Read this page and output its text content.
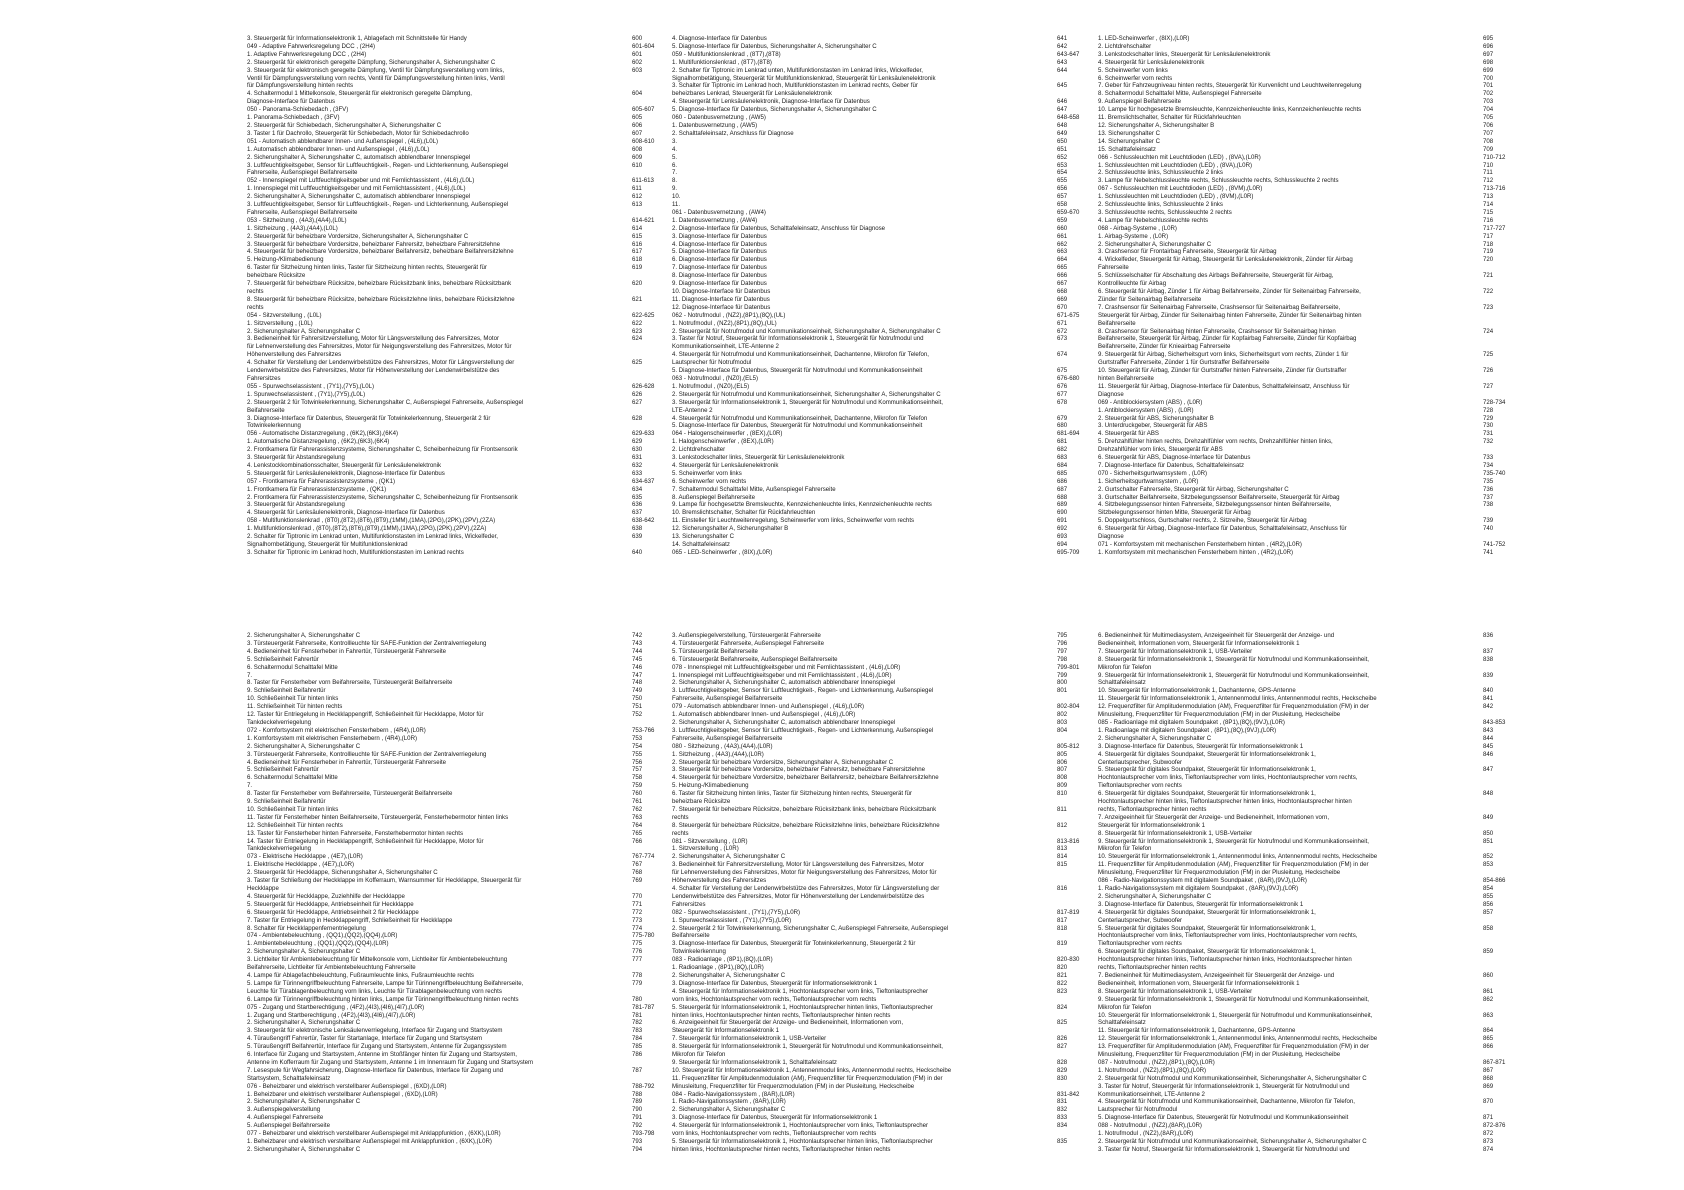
3. Steuergerät für Informationselektronik 1, Ablagefach mit Schnittstelle für Handy	600
049 - Adaptive Fahrwerksregelung DCC , (2H4)	601-604
1. Adaptive Fahrwerksregelung DCC , (2H4)	601
2. Steuergerät für elektronisch geregelte Dämpfung, Sicherungshalter A, Sicherungshalter C	602
3. Steuergerät für elektronisch geregelte Dämpfung, Ventil für Dämpfungsverstellung vorn links,	603
Ventil für Dämpfungsverstellung vorn rechts, Ventil für Dämpfungsverstellung hinten links, Ventil
für Dämpfungsverstellung hinten rechts
4. Schaltermodul 1 Mittelkonsole, Steuergerät für elektronisch geregelte Dämpfung,	604
Diagnose-Interface für Datenbus
050 - Panorama-Schiebedach , (3FV)	605-607
1. Panorama-Schiebedach , (3FV)	605
2. Steuergerät für Schiebedach, Sicherungshalter A, Sicherungshalter C	606
3. Taster 1 für Dachrollo, Steuergerät für Schiebedach, Motor für Schiebedachrollo	607
051 - Automatisch abblendbarer Innen- und Außenspiegel , (4L6),(L0L)	608-610
1. Automatisch abblendbarer Innen- und Außenspiegel , (4L6),(L0L)	608
2. Sicherungshalter A, Sicherungshalter C, automatisch abblendbarer Innenspiegel	609
3. Luftfeuchtigkeitsgeber, Sensor für Luftfeuchtigkeit-, Regen- und Lichterkennung, Außenspiegel	610
Fahrerseite, Außenspiegel Beifahrerseite
052 - Innenspiegel mit Luftfeuchtigkeitsgeber und mit Fernlichtassistent , (4L6),(L0L)	611-613
1. Innenspiegel mit Luftfeuchtigkeitsgeber und mit Fernlichtassistent , (4L6),(L0L)	611
2. Sicherungshalter A, Sicherungshalter C, automatisch abblendbarer Innenspiegel	612
3. Luftfeuchtigkeitsgeber, Sensor für Luftfeuchtigkeit-, Regen- und Lichterkennung, Außenspiegel	613
Fahrerseite, Außenspiegel Beifahrerseite
053 - Sitzheizung , (4A3),(4A4),(L0L)	614-621
1. Sitzheizung , (4A3),(4A4),(L0L)	614
2. Steuergerät für beheizbare Vordersitze, Sicherungshalter A, Sicherungshalter C	615
3. Steuergerät für beheizbare Vordersitze, beheizbarer Fahrersitz, beheizbare Fahrersitzlehne	616
4. Steuergerät für beheizbare Vordersitze, beheizbarer Beifahrersitz, beheizbare Beifahrersitzlehne	617
5. Heizung-/Klimabedienung	618
6. Taster für Sitzheizung hinten links, Taster für Sitzheizung hinten rechts, Steuergerät für	619
beheizbare Rücksitze
7. Steuergerät für beheizbare Rücksitze, beheizbare Rücksitzbank links, beheizbare Rücksitzbank	620
rechts
8. Steuergerät für beheizbare Rücksitze, beheizbare Rücksitzlehne links, beheizbare Rücksitzlehne	621
rechts
054 - Sitzverstellung , (L0L)	622-625
1. Sitzverstellung , (L0L)	622
2. Sicherungshalter A, Sicherungshalter C	623
3. Bedieneinheit für Fahrersitzverstellung, Motor für Längsverstellung des Fahrersitzes, Motor	624
für Lehnenverstellung des Fahrersitzes, Motor für Neigungsverstellung des Fahrersitzes, Motor für
Höhenverstellung des Fahrersitzes
4. Schalter für Verstellung der Lendenwirbelstütze des Fahrersitzes, Motor für Längsverstellung der	625
Lendenwirbelstütze des Fahrersitzes, Motor für Höhenverstellung der Lendenwirbelstütze des
Fahrersitzes
055 - Spurwechselassistent , (7Y1),(7Y5),(L0L)	626-628
1. Spurwechselassistent , (7Y1),(7Y5),(L0L)	626
2. Steuergerät 2 für Totwinkelerkennung, Sicherungshalter C, Außenspiegel Fahrerseite, Außenspiegel	627
Beifahrerseite
3. Diagnose-Interface für Datenbus, Steuergerät für Totwinkelerkennung, Steuergerät 2 für	628
Totwinkelerkennung
056 - Automatische Distanzregelung , (6K2),(6K3),(6K4)	629-633
1. Automatische Distanzregelung , (6K2),(6K3),(6K4)	629
2. Frontkamera für Fahrerassistenzsysteme, Sicherungshalter C, Scheibenheizung für Frontsensorik	630
3. Steuergerät für Abstandsregelung	631
4. Lenkstockkombinationsschalter, Steuergerät für Lenksäulenelektronik	632
5. Steuergerät für Lenksäulenelektronik, Diagnose-Interface für Datenbus	633
057 - Frontkamera für Fahrerassistenzsysteme , (QK1)	634-637
1. Frontkamera für Fahrerassistenzsysteme , (QK1)	634
2. Frontkamera für Fahrerassistenzsysteme, Sicherungshalter C, Scheibenheizung für Frontsensorik	635
3. Steuergerät für Abstandsregelung	636
4. Steuergerät für Lenksäulenelektronik, Diagnose-Interface für Datenbus	637
058 - Multifunktionslenkrad , (8T0),(8T2),(8T6),(8T9),(1MM),(1MA),(2PG),(2PK),(2PV),(2ZA)	638-642
1. Multifunktionslenkrad , (8T0),(8T2),(8T6),(8T9),(1MM),(1MA),(2PG),(2PK),(2PV),(2ZA)	638
2. Schalter für Tiptronic im Lenkrad unten, Multifunktionstasten im Lenkrad links, Wickelfeder,	639
Signalhornbetätigung, Steuergerät für Multifunktionslenkrad
3. Schalter für Tiptronic im Lenkrad hoch, Multifunktionstasten im Lenkrad rechts	640
4. Diagnose-Interface für Datenbus	641
5. Diagnose-Interface für Datenbus, Sicherungshalter A, Sicherungshalter C	642
059 - Multifunktionslenkrad , (8T7),(8T8)	643-647
1. Multifunktionslenkrad , (8T7),(8T8)	643
2. Schalter für Tiptronic im Lenkrad unten, Multifunktionstasten im Lenkrad links, Wickelfeder,	644
Signalhornbetätigung, Steuergerät für Multifunktionslenkrad, Steuergerät für Lenksäulenelektronik
3. Schalter für Tiptronic im Lenkrad hoch, Multifunktionstasten im Lenkrad rechts, Geber für	645
beheizbares Lenkrad, Steuergerät für Lenksäulenelektronik
4. Steuergerät für Lenksäulenelektronik, Diagnose-Interface für Datenbus	646
5. Diagnose-Interface für Datenbus, Sicherungshalter A, Sicherungshalter C	647
060 - Datenbusvernetzung , (AW5)	648-658
1. Datenbusvernetzung , (AW5)	648
2. Schalttafeleinsatz, Anschluss für Diagnose	649
3.	650
4.	651
5.	652
6.	653
7.	654
8.	655
9.	656
10.	657
11.	658
061 - Datenbusvernetzung , (AW4)	659-670
1. Datenbusvernetzung , (AW4)	659
2. Diagnose-Interface für Datenbus, Schalttafeleinsatz, Anschluss für Diagnose	660
3. Diagnose-Interface für Datenbus	661
4. Diagnose-Interface für Datenbus	662
5. Diagnose-Interface für Datenbus	663
6. Diagnose-Interface für Datenbus	664
7. Diagnose-Interface für Datenbus	665
8. Diagnose-Interface für Datenbus	666
9. Diagnose-Interface für Datenbus	667
10. Diagnose-Interface für Datenbus	668
11. Diagnose-Interface für Datenbus	669
12. Diagnose-Interface für Datenbus	670
062 - Notrufmodul , (NZ2),(8P1),(8Q),(UL)	671-675
1. Notrufmodul , (NZ2),(8P1),(8Q),(UL)	671
2. Steuergerät für Notrufmodul und Kommunikationseinheit, Sicherungshalter A, Sicherungshalter C	672
3. Taster für Notruf, Steuergerät für Informationselektronik 1, Steuergerät für Notrufmodul und	673
Kommunikationseinheit, LTE-Antenne 2
4. Steuergerät für Notrufmodul und Kommunikationseinheit, Dachantenne, Mikrofon für Telefon,	674
Lautsprecher für Notrufmodul
5. Diagnose-Interface für Datenbus, Steuergerät für Notrufmodul und Kommunikationseinheit	675
063 - Notrufmodul , (NZ0),(EL5)	676-680
1. Notrufmodul , (NZ0),(EL5)	676
2. Steuergerät für Notrufmodul und Kommunikationseinheit, Sicherungshalter A, Sicherungshalter C	677
3. Steuergerät für Informationselektronik 1, Steuergerät für Notrufmodul und Kommunikationseinheit,	678
LTE-Antenne 2
4. Steuergerät für Notrufmodul und Kommunikationseinheit, Dachantenne, Mikrofon für Telefon	679
5. Diagnose-Interface für Datenbus, Steuergerät für Notrufmodul und Kommunikationseinheit	680
064 - Halogenscheinwerfer , (8EX),(L0R)	681-694
1. Halogenscheinwerfer , (8EX),(L0R)	681
2. Lichtdrehschalter	682
3. Lenkstockschalter links, Steuergerät für Lenksäulenelektronik	683
4. Steuergerät für Lenksäulenelektronik	684
5. Scheinwerfer vorn links	685
6. Scheinwerfer vorn rechts	686
7. Schaltermodul Schalttafel Mitte, Außenspiegel Fahrerseite	687
8. Außenspiegel Beifahrerseite	688
9. Lampe für hochgesetzte Bremsleuchte, Kennzeichenleuchte links, Kennzeichenleuchte rechts	689
10. Bremslichtschalter, Schalter für Rückfahrleuchten	690
11. Einsteller für Leuchtweitenregelung, Scheinwerfer vorn links, Scheinwerfer vorn rechts	691
12. Sicherungshalter A, Sicherungshalter B	692
13. Sicherungshalter C	693
14. Schalttafeleinsatz	694
065 - LED-Scheinwerfer , (8IX),(L0R)	695-709
1. LED-Scheinwerfer , (8IX),(L0R)	695
2. Lichtdrehschalter	696
3. Lenkstockschalter links, Steuergerät für Lenksäulenelektronik	697
4. Steuergerät für Lenksäulenelektronik	698
5. Scheinwerfer vorn links	699
6. Scheinwerfer vorn rechts	700
7. Geber für Fahrzeugniveau hinten rechts, Steuergerät für Kurvenlicht und Leuchtweitenregelung	701
8. Schaltermodul Schalttafel Mitte, Außenspiegel Fahrerseite	702
9. Außenspiegel Beifahrerseite	703
10. Lampe für hochgesetzte Bremsleuchte, Kennzeichenleuchte links, Kennzeichenleuchte rechts	704
11. Bremslichtschalter, Schalter für Rückfahrleuchten	705
12. Sicherungshalter A, Sicherungshalter B	706
13. Sicherungshalter C	707
14. Sicherungshalter C	708
15. Schalttafeleinsatz	709
066 - Schlussleuchten mit Leuchtdioden (LED) , (8VA),(L0R)	710-712
1. Schlussleuchten mit Leuchtdioden (LED) , (8VA),(L0R)	710
2. Schlussleuchte links, Schlussleuchte 2 links	711
3. Lampe für Nebelschlussleuchte rechts, Schlussleuchte rechts, Schlussleuchte 2 rechts	712
067 - Schlussleuchten mit Leuchtdioden (LED) , (8VM),(L0R)	713-716
1. Schlussleuchten mit Leuchtdioden (LED) , (8VM),(L0R)	713
2. Schlussleuchte links, Schlussleuchte 2 links	714
3. Schlussleuchte rechts, Schlussleuchte 2 rechts	715
4. Lampe für Nebelschlussleuchte rechts	716
068 - Airbag-Systeme , (L0R)	717-727
1. Airbag-Systeme , (L0R)	717
2. Sicherungshalter A, Sicherungshalter C	718
3. Crashsensor für Frontairbag Fahrerseite, Steuergerät für Airbag	719
4. Wickelfeder, Steuergerät für Airbag, Steuergerät für Lenksäulenelektronik, Zünder für Airbag	720
Fahrerseite
5. Schlüsselschalter für Abschaltung des Airbags Beifahrerseite, Steuergerät für Airbag,	721
Kontrollleuchte für Airbag
6. Steuergerät für Airbag, Zünder 1 für Airbag Beifahrerseite, Zünder für Seitenairbag Fahrerseite,	722
Zünder für Seitenairbag Beifahrerseite
7. Crashsensor für Seitenairbag Fahrerseite, Crashsensor für Seitenairbag Beifahrerseite,	723
Steuergerät für Airbag, Zünder für Seitenairbag hinten Fahrerseite, Zünder für Seitenairbag hinten
Beifahrerseite
8. Crashsensor für Seitenairbag hinten Fahrerseite, Crashsensor für Seitenairbag hinten	724
Beifahrerseite, Steuergerät für Airbag, Zünder für Kopfairbag Fahrerseite, Zünder für Kopfairbag
Beifahrerseite, Zünder für Knieairbag Fahrerseite
9. Steuergerät für Airbag, Sicherheitsgurt vorn links, Sicherheitsgurt vorn rechts, Zünder 1 für	725
Gurtstraffer Fahrerseite, Zünder 1 für Gurtstraffer Beifahrerseite
10. Steuergerät für Airbag, Zünder für Gurtstraffer hinten Fahrerseite, Zünder für Gurtstraffer	726
hinten Beifahrerseite
11. Steuergerät für Airbag, Diagnose-Interface für Datenbus, Schalttafeleinsatz, Anschluss für	727
Diagnose
069 - Antiblockiersystem (ABS) , (L0R)	728-734
1. Antiblockiersystem (ABS) , (L0R)	728
2. Steuergerät für ABS, Sicherungshalter B	729
3. Unterdruckgeber, Steuergerät für ABS	730
4. Steuergerät für ABS	731
5. Drehzahlfühler hinten rechts, Drehzahlfühler vorn rechts, Drehzahlfühler hinten links,	732
Drehzahlfühler vorn links, Steuergerät für ABS
6. Steuergerät für ABS, Diagnose-Interface für Datenbus	733
7. Diagnose-Interface für Datenbus, Schalttafeleinsatz	734
070 - Sicherheitsgurtwarnsystem , (L0R)	735-740
1. Sicherheitsgurtwarnsystem , (L0R)	735
2. Gurtschalter Fahrerseite, Steuergerät für Airbag, Sicherungshalter C	736
3. Gurtschalter Beifahrerseite, Sitzbelegungssensor Beifahrerseite, Steuergerät für Airbag	737
4. Sitzbelegungssensor hinten Fahrerseite, Sitzbelegungssensor hinten Beifahrerseite,	738
Sitzbelegungssensor hinten Mitte, Steuergerät für Airbag
5. Doppelgurtschloss, Gurtschalter rechts, 2. Sitzreihe, Steuergerät für Airbag	739
6. Steuergerät für Airbag, Diagnose-Interface für Datenbus, Schalttafeleinsatz, Anschluss für	740
Diagnose
071 - Komfortsystem mit mechanischen Fensterhebern hinten , (4R2),(L0R)	741-752
1. Komfortsystem mit mechanischen Fensterhebern hinten , (4R2),(L0R)	741
2. Sicherungshalter A, Sicherungshalter C	742
3. Türsteuergerät Fahrerseite, Kontrollleuchte für SAFE-Funktion der Zentralverriegelung	743
4. Bedieneinheit für Fensterheber in Fahrertür, Türsteuergerät Fahrerseite	744
5. Schließeinheit Fahrertür	745
6. Schaltermodul Schalttafel Mitte	746
7.	747
8. Taster für Fensterheber vorn Beifahrerseite, Türsteuergerät Beifahrerseite	748
9. Schließeinheit Beifahrertür	749
10. Schließeinheit Tür hinten links	750
11. Schließeinheit Tür hinten rechts	751
12. Taster für Entriegelung in Heckklappengriff, Schließeinheit für Heckklappe, Motor für	752
Tankdeckelverriegelung
072 - Komfortsystem mit elektrischen Fensterhebern , (4R4),(L0R)	753-766
1. Komfortsystem mit elektrischen Fensterhebern , (4R4),(L0R)	753
2. Sicherungshalter A, Sicherungshalter C	754
3. Türsteuergerät Fahrerseite, Kontrollleuchte für SAFE-Funktion der Zentralverriegelung	755
4. Bedieneinheit für Fensterheber in Fahrertür, Türsteuergerät Fahrerseite	756
5. Schließeinheit Fahrertür	757
6. Schaltermodul Schalttafel Mitte	758
7.	759
8. Taster für Fensterheber vorn Beifahrerseite, Türsteuergerät Beifahrerseite	760
9. Schließeinheit Beifahrertür	761
10. Schließeinheit Tür hinten links	762
11. Taster für Fensterheber hinten Beifahrerseite, Türsteuergerät, Fensterhebermotor hinten links	763
12. Schließeinheit Tür hinten rechts	764
13. Taster für Fensterheber hinten Fahrerseite, Fensterhebermotor hinten rechts	765
14. Taster für Entriegelung in Heckklappengriff, Schließeinheit für Heckklappe, Motor für	766
Tankdeckelverriegelung
073 - Elektrische Heckklappe , (4E7),(L0R)	767-774
1. Elektrische Heckklappe , (4E7),(L0R)	767
2. Steuergerät für Heckklappe, Sicherungshalter A, Sicherungshalter C	768
3. Taster für Schließung der Heckklappe im Kofferraum, Warnsummer für Heckklappe, Steuergerät für	769
Heckklappe
4. Steuergerät für Heckklappe, Zuziehhilfe der Heckklappe	770
5. Steuergerät für Heckklappe, Antriebseinheit für Heckklappe	771
6. Steuergerät für Heckklappe, Antriebseinheit 2 für Heckklappe	772
7. Taster für Entriegelung in Heckklappengriff, Schließeinheit für Heckklappe	773
8. Schalter für Heckklappenfernentriegelung	774
074 - Ambientebeleuchtung , (QQ1),(QQ2),(QQ4),(L0R)	775-780
1. Ambientebeleuchtung , (QQ1),(QQ2),(QQ4),(L0R)	775
2. Sicherungshalter A, Sicherungshalter C	776
3. Lichtleiter für Ambientebeleuchtung für Mittelkonsole vorn, Lichtleiter für Ambientebeleuchtung	777
Beifahrerseite, Lichtleiter für Ambientebeleuchtung Fahrerseite
4. Lampe für Ablagefachbeleuchtung, Fußraumleuchte links, Fußraumleuchte rechts	778
5. Lampe für Türinnengriffbeleuchtung Fahrerseite, Lampe für Türinnengriffbeleuchtung Beifahrerseite,	779
Leuchte für Türablagenbeleuchtung vorn links, Leuchte für Türablagenbeleuchtung vorn rechts
6. Lampe für Türinnengriffbeleuchtung hinten links, Lampe für Türinnengriffbeleuchtung hinten rechts	780
075 - Zugang und Startberechtigung , (4F2),(4I3),(4I6),(4I7),(L0R)	781-787
1. Zugang und Startberechtigung , (4F2),(4I3),(4I6),(4I7),(L0R)	781
2. Sicherungshalter A, Sicherungshalter C	782
3. Steuergerät für elektronische Lenksäulenverriegelung, Interface für Zugang und Startsystem	783
4. Türaußengriff Fahrertür, Taster für Startanlage, Interface für Zugang und Startsystem	784
5. Türaußengriff Beifahrertür, Interface für Zugang und Startsystem, Antenne für Zugangssystem	785
6. Interface für Zugang und Startsystem, Antenne im Stoßfänger hinten für Zugang und Startsystem,	786
Antenne im Kofferraum für Zugang und Startsystem, Antenne 1 im Innenraum für Zugang und Startsystem
7. Lesespule für Wegfahrsicherung, Diagnose-Interface für Datenbus, Interface für Zugang und	787
Startsystem, Schalttafeleinsatz
076 - Beheizbarer und elektrisch verstellbarer Außenspiegel , (6XD),(L0R)	788-792
1. Beheizbarer und elektrisch verstellbarer Außenspiegel , (6XD),(L0R)	788
2. Sicherungshalter A, Sicherungshalter C	789
3. Außenspiegelverstellung	790
4. Außenspiegel Fahrerseite	791
5. Außenspiegel Beifahrerseite	792
077 - Beheizbarer und elektrisch verstellbarer Außenspiegel mit Anklappfunktion , (6XK),(L0R)	793-798
1. Beheizbarer und elektrisch verstellbarer Außenspiegel mit Anklappfunktion , (6XK),(L0R)	793
2. Sicherungshalter A, Sicherungshalter C	794
3. Außenspiegelverstellung, Türsteuergerät Fahrerseite	795
4. Türsteuergerät Fahrerseite, Außenspiegel Fahrerseite	796
5. Türsteuergerät Beifahrerseite	797
6. Türsteuergerät Beifahrerseite, Außenspiegel Beifahrerseite	798
078 - Innenspiegel mit Luftfeuchtigkeitsgeber und mit Fernlichtassistent , (4L6),(L0R)	799-801
1. Innenspiegel mit Luftfeuchtigkeitsgeber und mit Fernlichtassistent , (4L6),(L0R)	799
2. Sicherungshalter A, Sicherungshalter C, automatisch abblendbarer Innenspiegel	800
3. Luftfeuchtigkeitsgeber, Sensor für Luftfeuchtigkeit-, Regen- und Lichterkennung, Außenspiegel	801
Fahrerseite, Außenspiegel Beifahrerseite
079 - Automatisch abblendbarer Innen- und Außenspiegel , (4L6),(L0R)	802-804
1. Automatisch abblendbarer Innen- und Außenspiegel , (4L6),(L0R)	802
2. Sicherungshalter A, Sicherungshalter C, automatisch abblendbarer Innenspiegel	803
3. Luftfeuchtigkeitsgeber, Sensor für Luftfeuchtigkeit-, Regen- und Lichterkennung, Außenspiegel	804
Fahrerseite, Außenspiegel Beifahrerseite
080 - Sitzheizung , (4A3),(4A4),(L0R)	805-812
1. Sitzheizung , (4A3),(4A4),(L0R)	805
2. Steuergerät für beheizbare Vordersitze, Sicherungshalter A, Sicherungshalter C	806
3. Steuergerät für beheizbare Vordersitze, beheizbarer Fahrersitz, beheizbare Fahrersitzlehne	807
4. Steuergerät für beheizbare Vordersitze, beheizbarer Beifahrersitz, beheizbare Beifahrersitzlehne	808
5. Heizung-/Klimabedienung	809
6. Taster für Sitzheizung hinten links, Taster für Sitzheizung hinten rechts, Steuergerät für	810
beheizbare Rücksitze
7. Steuergerät für beheizbare Rücksitze, beheizbare Rücksitzbank links, beheizbare Rücksitzbank	811
rechts
8. Steuergerät für beheizbare Rücksitze, beheizbare Rücksitzlehne links, beheizbare Rücksitzlehne	812
rechts
081 - Sitzverstellung , (L0R)	813-816
1. Sitzverstellung , (L0R)	813
2. Sicherungshalter A, Sicherungshalter C	814
3. Bedieneinheit für Fahrersitzverstellung, Motor für Längsverstellung des Fahrersitzes, Motor	815
für Lehnenverstellung des Fahrersitzes, Motor für Neigungsverstellung des Fahrersitzes, Motor für
Höhenverstellung des Fahrersitzes
4. Schalter für Verstellung der Lendenwirbelstütze des Fahrersitzes, Motor für Längsverstellung der	816
Lendenwirbelstütze des Fahrersitzes, Motor für Höhenverstellung der Lendenwirbelstütze des
Fahrersitzes
082 - Spurwechselassistent , (7Y1),(7Y5),(L0R)	817-819
1. Spurwechselassistent , (7Y1),(7Y5),(L0R)	817
2. Steuergerät 2 für Totwinkelerkennung, Sicherungshalter C, Außenspiegel Fahrerseite, Außenspiegel	818
Beifahrerseite
3. Diagnose-Interface für Datenbus, Steuergerät für Totwinkelerkennung, Steuergerät 2 für	819
Totwinkelerkennung
083 - Radioanlage , (8P1),(8Q),(L0R)	820-830
1. Radioanlage , (8P1),(8Q),(L0R)	820
2. Sicherungshalter A, Sicherungshalter C	821
3. Diagnose-Interface für Datenbus, Steuergerät für Informationselektronik 1	822
4. Steuergerät für Informationselektronik 1, Hochtonlautsprecher vorn links, Tieftonlautsprecher	823
vorn links, Hochtonlautsprecher vorn rechts, Tieftonlautsprecher vorn rechts
5. Steuergerät für Informationselektronik 1, Hochtonlautsprecher hinten links, Tieftonlautsprecher	824
hinten links, Hochtonlautsprecher hinten rechts, Tieftonlautsprecher hinten rechts
6. Anzeigeeinheit für Steuergerät der Anzeige- und Bedieneinheit, Informationen vorn,	825
Steuergerät für Informationselektronik 1
7. Steuergerät für Informationselektronik 1, USB-Verteiler	826
8. Steuergerät für Informationselektronik 1, Steuergerät für Notrufmodul und Kommunikationseinheit,	827
Mikrofon für Telefon
9. Steuergerät für Informationselektronik 1, Schalttafeleinsatz	828
10. Steuergerät für Informationselektronik 1, Antennenmodul links, Antennenmodul rechts, Heckscheibe	829
11. Frequenzfilter für Amplitudenmodulation (AM), Frequenzfilter für Frequenzmodulation (FM) in der	830
Minusleitung, Frequenzfilter für Frequenzmodulation (FM) in der Plusleitung, Heckscheibe
084 - Radio-Navigationssystem , (8AR),(L0R)	831-842
1. Radio-Navigationssystem , (8AR),(L0R)	831
2. Sicherungshalter A, Sicherungshalter C	832
3. Diagnose-Interface für Datenbus, Steuergerät für Informationselektronik 1	833
4. Steuergerät für Informationselektronik 1, Hochtonlautsprecher vorn links, Tieftonlautsprecher	834
vorn links, Hochtonlautsprecher vorn rechts, Tieftonlautsprecher vorn rechts
5. Steuergerät für Informationselektronik 1, Hochtonlautsprecher hinten links, Tieftonlautsprecher	835
hinten links, Hochtonlautsprecher hinten rechts, Tieftonlautsprecher hinten rechts
6. Bedieneinheit für Multimediasystem, Anzeigeeinheit für Steuergerät der Anzeige- und	836
Bedieneinheit, Informationen vorn, Steuergerät für Informationselektronik 1
7. Steuergerät für Informationselektronik 1, USB-Verteiler	837
8. Steuergerät für Informationselektronik 1, Steuergerät für Notrufmodul und Kommunikationseinheit,	838
Mikrofon für Telefon
9. Steuergerät für Informationselektronik 1, Steuergerät für Notrufmodul und Kommunikationseinheit,	839
Schalttafeleinsatz
10. Steuergerät für Informationselektronik 1, Dachantenne, GPS-Antenne	840
11. Steuergerät für Informationselektronik 1, Antennenmodul links, Antennenmodul rechts, Heckscheibe	841
12. Frequenzfilter für Amplitudenmodulation (AM), Frequenzfilter für Frequenzmodulation (FM) in der	842
Minusleitung, Frequenzfilter für Frequenzmodulation (FM) in der Plusleitung, Heckscheibe
085 - Radioanlage mit digitalem Soundpaket , (8P1),(8Q),(9VJ),(L0R)	843-853
1. Radioanlage mit digitalem Soundpaket , (8P1),(8Q),(9VJ),(L0R)	843
2. Sicherungshalter A, Sicherungshalter C	844
3. Diagnose-Interface für Datenbus, Steuergerät für Informationselektronik 1	845
4. Steuergerät für digitales Soundpaket, Steuergerät für Informationselektronik 1,	846
Centerlautsprecher, Subwoofer
5. Steuergerät für digitales Soundpaket, Steuergerät für Informationselektronik 1,	847
Hochtonlautsprecher vorn links, Tieftonlautsprecher vorn links, Hochtonlautsprecher vorn rechts,
Tieftonlautsprecher vorn rechts
6. Steuergerät für digitales Soundpaket, Steuergerät für Informationselektronik 1,	848
Hochtonlautsprecher hinten links, Tieftonlautsprecher hinten links, Hochtonlautsprecher hinten
rechts, Tieftonlautsprecher hinten rechts
7. Anzeigeeinheit für Steuergerät der Anzeige- und Bedieneinheit, Informationen vorn,	849
Steuergerät für Informationselektronik 1
8. Steuergerät für Informationselektronik 1, USB-Verteiler	850
9. Steuergerät für Informationselektronik 1, Steuergerät für Notrufmodul und Kommunikationseinheit,	851
Mikrofon für Telefon
10. Steuergerät für Informationselektronik 1, Antennenmodul links, Antennenmodul rechts, Heckscheibe	852
11. Frequenzfilter für Amplitudenmodulation (AM), Frequenzfilter für Frequenzmodulation (FM) in der	853
Minusleitung, Frequenzfilter für Frequenzmodulation (FM) in der Plusleitung, Heckscheibe
086 - Radio-Navigationssystem mit digitalem Soundpaket , (8AR),(9VJ),(L0R)	854-866
1. Radio-Navigationssystem mit digitalem Soundpaket , (8AR),(9VJ),(L0R)	854
2. Sicherungshalter A, Sicherungshalter C	855
3. Diagnose-Interface für Datenbus, Steuergerät für Informationselektronik 1	856
4. Steuergerät für digitales Soundpaket, Steuergerät für Informationselektronik 1,	857
Centerlautsprecher, Subwoofer
5. Steuergerät für digitales Soundpaket, Steuergerät für Informationselektronik 1,	858
Hochtonlautsprecher vorn links, Tieftonlautsprecher vorn links, Hochtonlautsprecher vorn rechts,
Tieftonlautsprecher vorn rechts
6. Steuergerät für digitales Soundpaket, Steuergerät für Informationselektronik 1,	859
Hochtonlautsprecher hinten links, Tieftonlautsprecher hinten links, Hochtonlautsprecher hinten
rechts, Tieftonlautsprecher hinten rechts
7. Bedieneinheit für Multimediasystem, Anzeigeeinheit für Steuergerät der Anzeige- und	860
Bedieneinheit, Informationen vorn, Steuergerät für Informationselektronik 1
8. Steuergerät für Informationselektronik 1, USB-Verteiler	861
9. Steuergerät für Informationselektronik 1, Steuergerät für Notrufmodul und Kommunikationseinheit,	862
Mikrofon für Telefon
10. Steuergerät für Informationselektronik 1, Steuergerät für Notrufmodul und Kommunikationseinheit,	863
Schalttafeleinsatz
11. Steuergerät für Informationselektronik 1, Dachantenne, GPS-Antenne	864
12. Steuergerät für Informationselektronik 1, Antennenmodul links, Antennenmodul rechts, Heckscheibe	865
13. Frequenzfilter für Amplitudenmodulation (AM), Frequenzfilter für Frequenzmodulation (FM) in der	866
Minusleitung, Frequenzfilter für Frequenzmodulation (FM) in der Plusleitung, Heckscheibe
087 - Notrufmodul , (NZ2),(8P1),(8Q),(L0R)	867-871
1. Notrufmodul , (NZ2),(8P1),(8Q),(L0R)	867
2. Steuergerät für Notrufmodul und Kommunikationseinheit, Sicherungshalter A, Sicherungshalter C	868
3. Taster für Notruf, Steuergerät für Informationselektronik 1, Steuergerät für Notrufmodul und	869
Kommunikationseinheit, LTE-Antenne 2
4. Steuergerät für Notrufmodul und Kommunikationseinheit, Dachantenne, Mikrofon für Telefon,	870
Lautsprecher für Notrufmodul
5. Diagnose-Interface für Datenbus, Steuergerät für Notrufmodul und Kommunikationseinheit	871
088 - Notrufmodul , (NZ2),(8AR),(L0R)	872-876
1. Notrufmodul , (NZ2),(8AR),(L0R)	872
2. Steuergerät für Notrufmodul und Kommunikationseinheit, Sicherungshalter A, Sicherungshalter C	873
3. Taster für Notruf, Steuergerät für Informationselektronik 1, Steuergerät für Notrufmodul und	874
